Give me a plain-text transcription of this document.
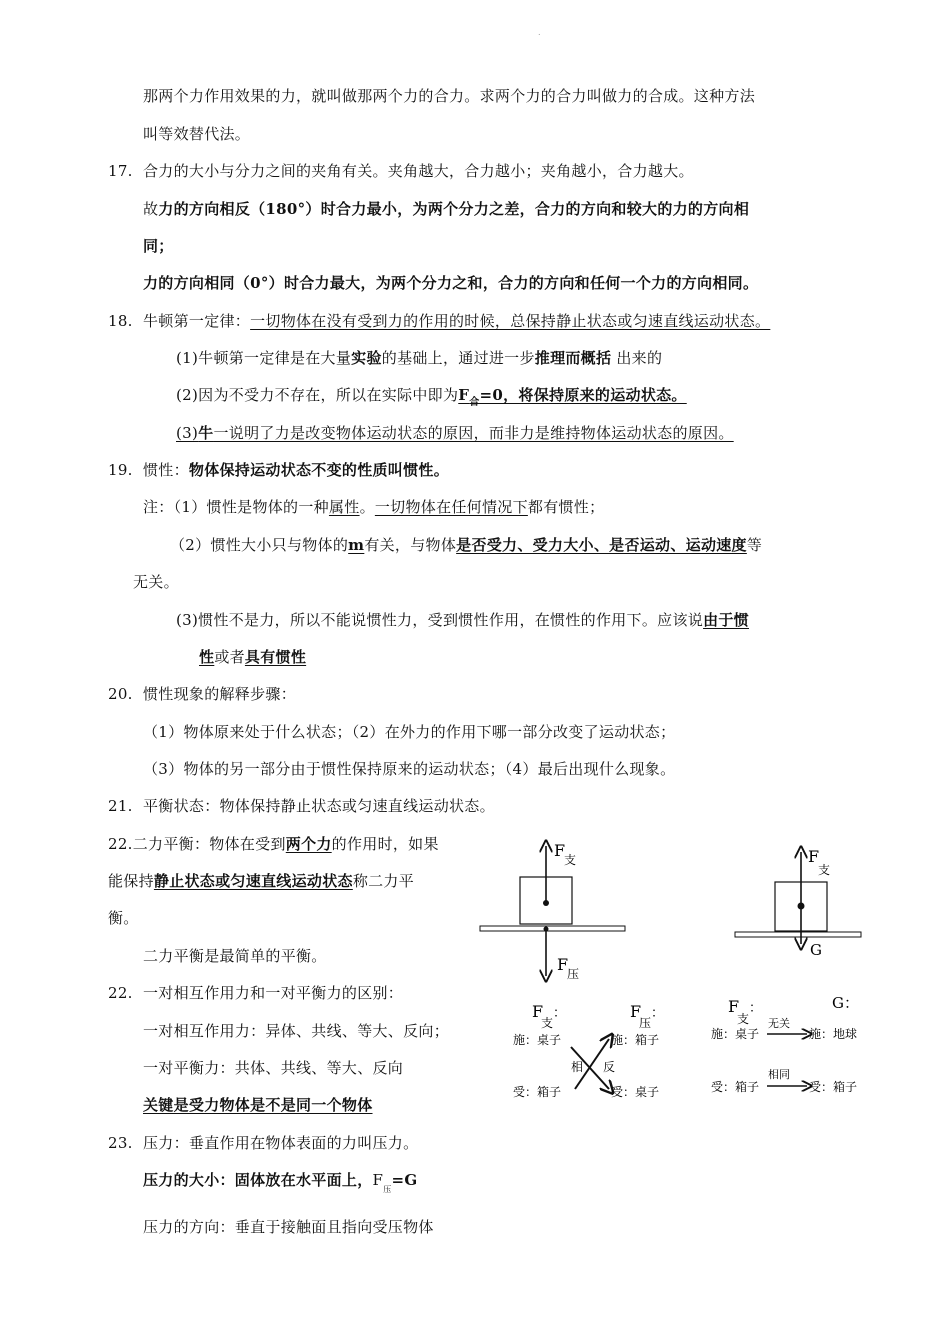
.
那两个力作用效果的力，就叫做那两个力的合力。求两个力的合力叫做力的合成。这种方法
叫等效替代法。
17. 合力的大小与分力之间的夹角有关。夹角越大，合力越小；夹角越小，合力越大。
故力的方向相反（180°）时合力最小，为两个分力之差，合力的方向和较大的力的方向相
同；
力的方向相同（0°）时合力最大，为两个分力之和，合力的方向和任何一个力的方向相同。
18. 牛顿第一定律：一切物体在没有受到力的作用的时候，总保持静止状态或匀速直线运动状态。
(1)牛顿第一定律是在大量实验的基础上，通过进一步推理而概括 出来的
(2)因为不受力不存在，所以在实际中即为$F_合=0$，将保持原来的运动状态。
(3)牛一说明了力是改变物体运动状态的原因，而非力是维持物体运动状态的原因。
19. 惯性：物体保持运动状态不变的性质叫惯性。
注：（1）惯性是物体的一种属性。一切物体在任何情况下都有惯性；
（2）惯性大小只与物体的m有关，与物体是否受力、受力大小、是否运动、运动速度等
无关。
(3)惯性不是力，所以不能说惯性力，受到惯性作用，在惯性的作用下。应该说由于惯
性或者具有惯性
20. 惯性现象的解释步骤：
（1）物体原来处于什么状态；（2）在外力的作用下哪一部分改变了运动状态；
（3）物体的另一部分由于惯性保持原来的运动状态；（4）最后出现什么现象。
21. 平衡状态：物体保持静止状态或匀速直线运动状态。
22.二力平衡：物体在受到两个力的作用时，如果
能保持静止状态或匀速直线运动状态称二力平
衡。
二力平衡是最简单的平衡。
22. 一对相互作用力和一对平衡力的区别：
一对相互作用力：异体、共线、等大、反向；
一对平衡力：共体、共线、等大、反向
关键是受力物体是不是同一个物体
23. 压力：垂直作用在物体表面的力叫压力。
压力的大小：固体放在水平面上，$F_压=G$
压力的方向：垂直于接触面且指向受压物体
F
支
F
压
F
支
G
F
支
：	F
压
：
施：桌子	施：箱子
相 反
受：箱子	受：桌子
F
支
：	G：
施：桌子
无关
施：地球
受：箱子
相同
受：箱子
